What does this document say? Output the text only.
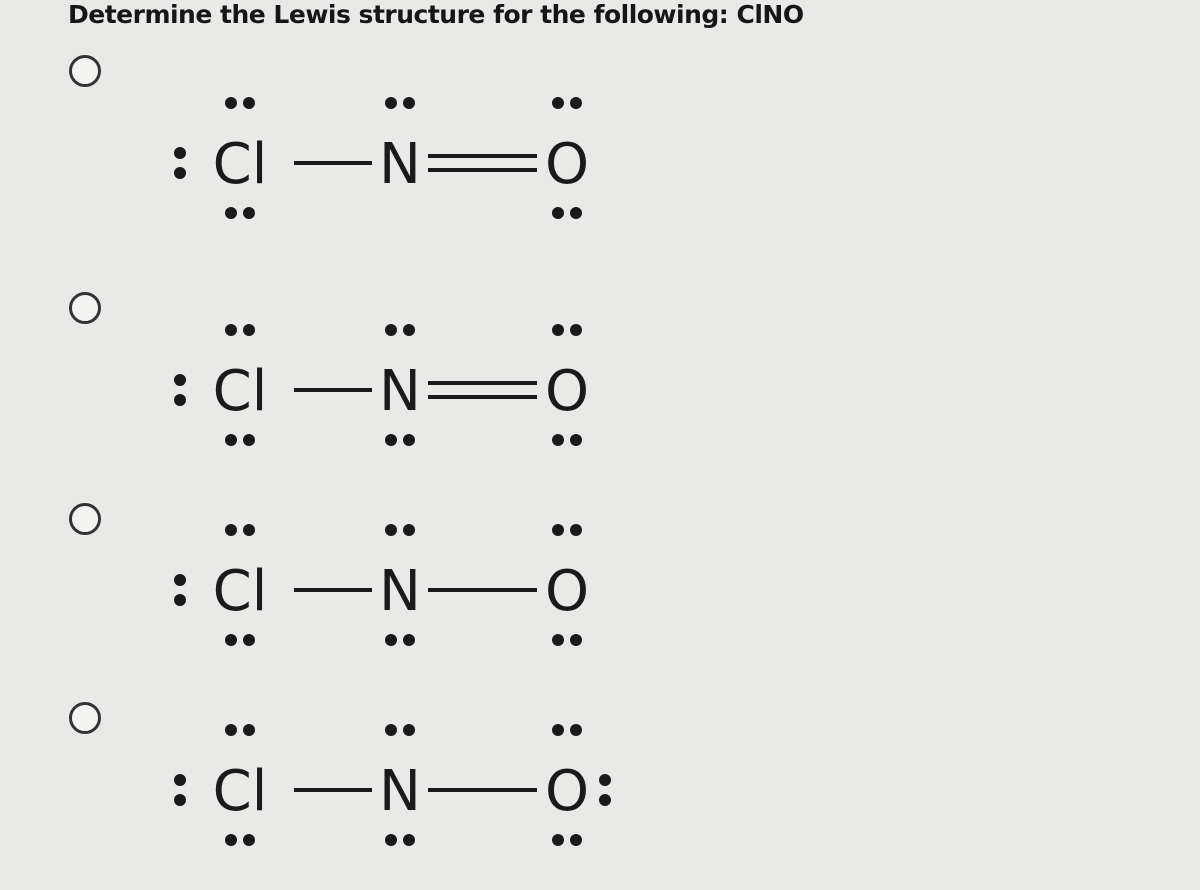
Determine the Lewis structure for the following: ClNO
Cl N O
Cl N O
Cl N O
Cl N O
